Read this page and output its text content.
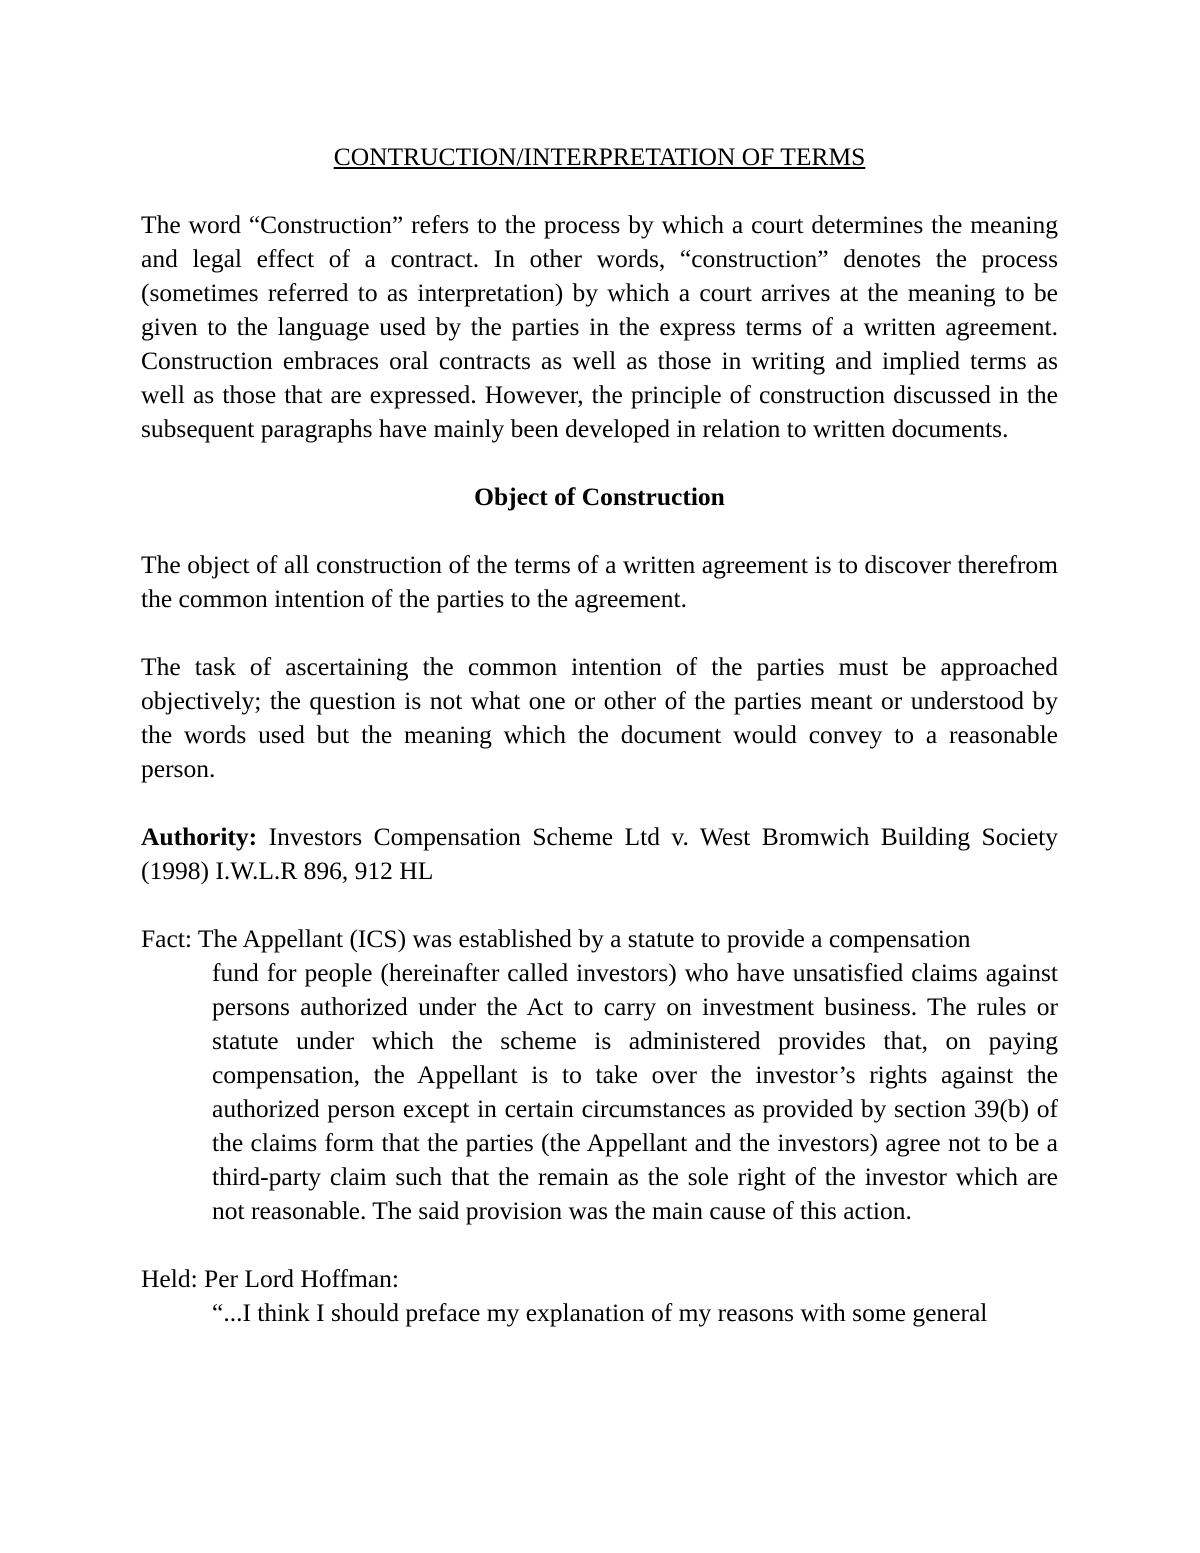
CONTRUCTION/INTERPRETATION OF TERMS

The word “Construction” refers to the process by which a court determines the meaning and legal effect of a contract. In other words, “construction” denotes the process (sometimes referred to as interpretation) by which a court arrives at the meaning to be given to the language used by the parties in the express terms of a written agreement. Construction embraces oral contracts as well as those in writing and implied terms as well as those that are expressed. However, the principle of construction discussed in the subsequent paragraphs have mainly been developed in relation to written documents.

Object of Construction

The object of all construction of the terms of a written agreement is to discover therefrom the common intention of the parties to the agreement.

The task of ascertaining the common intention of the parties must be approached objectively; the question is not what one or other of the parties meant or understood by the words used but the meaning which the document would convey to a reasonable person.

Authority: Investors Compensation Scheme Ltd v. West Bromwich Building Society (1998) I.W.L.R 896, 912 HL

Fact: The Appellant (ICS) was established by a statute to provide a compensation

fund for people (hereinafter called investors) who have unsatisfied claims against persons authorized under the Act to carry on investment business. The rules or statute under which the scheme is administered provides that, on paying compensation, the Appellant is to take over the investor’s rights against the authorized person except in certain circumstances as provided by section 39(b) of the claims form that the parties (the Appellant and the investors) agree not to be a third-party claim such that the remain as the sole right of the investor which are not reasonable. The said provision was the main cause of this action.

Held: Per Lord Hoffman:

“...I think I should preface my explanation of my reasons with some general
